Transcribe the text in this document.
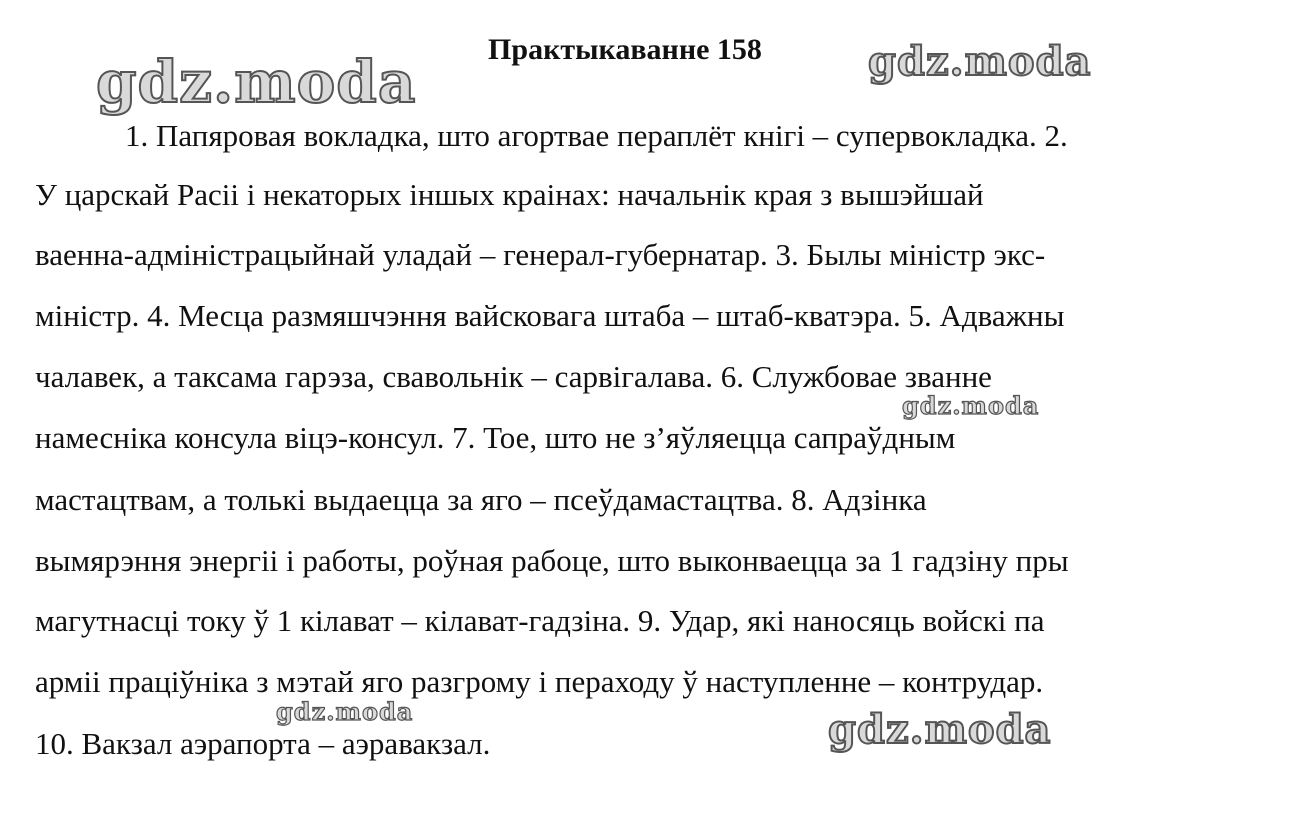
Практыкаванне 158
1. Папяровая вокладка, што агортвае пераплёт кнігі – супервокладка. 2.
У царскай Расіі і некаторых іншых краінах: начальнік края з вышэйшай
ваенна-адміністрацыйнай уладай – генерал-губернатар. 3. Былы міністр экс-
міністр. 4. Месца размяшчэння вайсковага штаба – штаб-кватэра. 5. Адважны
чалавек, а таксама гарэза, свавольнік – сарвігалава. 6. Службовае званне
намесніка консула віцэ-консул. 7. Тое, што не з’яўляецца сапраўдным
мастацтвам, а толькі выдаецца за яго – псеўдамастацтва. 8. Адзінка
вымярэння энергіі і работы, роўная рабоце, што выконваецца за 1 гадзіну пры
магутнасці току ў 1 кілават – кілават-гадзіна. 9. Удар, які наносяць войскі па
арміі праціўніка з мэтай яго разгрому і пераходу ў наступленне – контрудар.
10. Вакзал аэрапорта – аэравакзал.
gdz.moda	gdz.moda
gdz.moda
gdz.moda	gdz.moda
